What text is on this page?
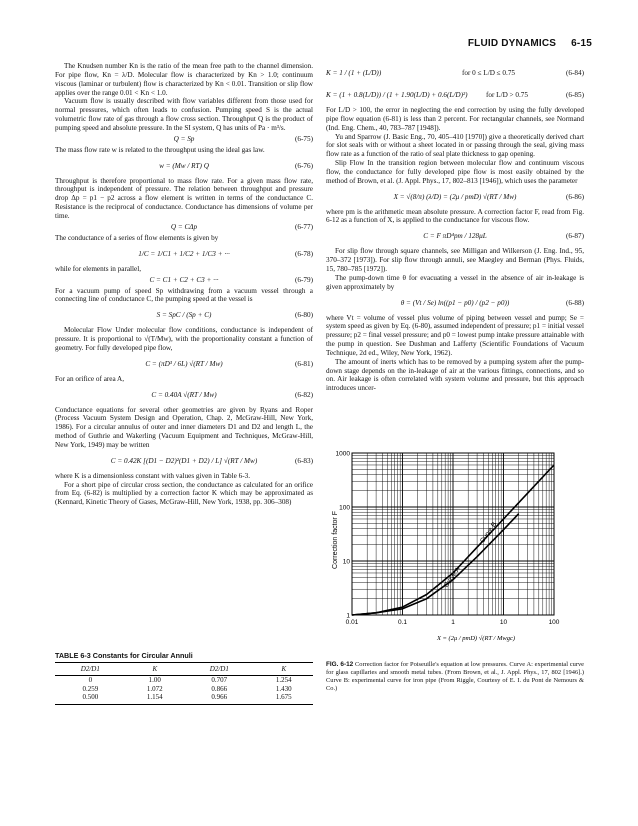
FLUID DYNAMICS 6-15

The Knudsen number Kn is the ratio of the mean free path to the channel dimension. For pipe flow, Kn = λ/D. Molecular flow is characterized by Kn > 1.0; continuum viscous (laminar or turbulent) flow is characterized by Kn < 0.01. Transition or slip flow applies over the range 0.01 < Kn < 1.0.

Vacuum flow is usually described with flow variables different from those used for normal pressures, which often leads to confusion. Pumping speed S is the actual volumetric flow rate of gas through a flow cross section. Throughput Q is the product of pumping speed and absolute pressure. In the SI system, Q has units of Pa · m³/s.

Q = Sp	(6-75)

The mass flow rate w is related to the throughput using the ideal gas law.

w = (Mw / RT) Q	(6-76)

Throughput is therefore proportional to mass flow rate. For a given mass flow rate, throughput is independent of pressure. The relation between throughput and pressure drop Δp = p1 − p2 across a flow element is written in terms of the conductance C. Resistance is the reciprocal of conductance. Conductance has dimensions of volume per time.

Q = CΔp	(6-77)

The conductance of a series of flow elements is given by

1/C = 1/C1 + 1/C2 + 1/C3 + ···	(6-78)

while for elements in parallel,

C = C1 + C2 + C3 + ···	(6-79)

For a vacuum pump of speed Sp withdrawing from a vacuum vessel through a connecting line of conductance C, the pumping speed at the vessel is

S = SpC / (Sp + C)	(6-80)

Molecular Flow Under molecular flow conditions, conductance is independent of pressure. It is proportional to √(T/Mw), with the proportionality constant a function of geometry. For fully developed pipe flow,

C = (πD³ / 6L) √(RT / Mw)	(6-81)

For an orifice of area A,

C = 0.40A √(RT / Mw)	(6-82)

Conductance equations for several other geometries are given by Ryans and Roper (Process Vacuum System Design and Operation, Chap. 2, McGraw-Hill, New York, 1986). For a circular annulus of outer and inner diameters D1 and D2 and length L, the method of Guthrie and Wakerling (Vacuum Equipment and Techniques, McGraw-Hill, New York, 1949) may be written

C = 0.42K [(D1 − D2)²(D1 + D2) / L] √(RT / Mw)	(6-83)

where K is a dimensionless constant with values given in Table 6-3.

For a short pipe of circular cross section, the conductance as calculated for an orifice from Eq. (6-82) is multiplied by a correction factor K which may be approximated as (Kennard, Kinetic Theory of Gases, McGraw-Hill, New York, 1938, pp. 306–308)

TABLE 6-3 Constants for Circular Annuli
D2/D1	K	D2/D1	K
0	1.00	0.707	1.254
0.259	1.072	0.866	1.430
0.500	1.154	0.966	1.675
K = 1 / (1 + (L/D))	for 0 ≤ L/D ≤ 0.75	(6-84)
K = (1 + 0.8(L/D)) / (1 + 1.90(L/D) + 0.6(L/D)²)	for L/D > 0.75	(6-85)

For L/D > 100, the error in neglecting the end correction by using the fully developed pipe flow equation (6-81) is less than 2 percent. For rectangular channels, see Normand (Ind. Eng. Chem., 40, 783–787 [1948]).

Yu and Sparrow (J. Basic Eng., 70, 405–410 [1970]) give a theoretically derived chart for slot seals with or without a sheet located in or passing through the seal, giving mass flow rate as a function of the ratio of seal plate thickness to gap opening.

Slip Flow In the transition region between molecular flow and continuum viscous flow, the conductance for fully developed pipe flow is most easily obtained by the method of Brown, et al. (J. Appl. Phys., 17, 802–813 [1946]), which uses the parameter

X = √(8/π) (λ/D) = (2μ / pmD) √(RT / Mw)	(6-86)

where pm is the arithmetic mean absolute pressure. A correction factor F, read from Fig. 6-12 as a function of X, is applied to the conductance for viscous flow.

C = F πD⁴pm / 128μL	(6-87)

For slip flow through square channels, see Milligan and Wilkerson (J. Eng. Ind., 95, 370–372 [1973]). For slip flow through annuli, see Maegley and Berman (Phys. Fluids, 15, 780–785 [1972]).

The pump-down time θ for evacuating a vessel in the absence of air in-leakage is given approximately by

θ = (Vt / Se) ln((p1 − p0) / (p2 − p0))	(6-88)

where Vt = volume of vessel plus volume of piping between vessel and pump; Se = system speed as given by Eq. (6-80), assumed independent of pressure; p1 = initial vessel pressure; p2 = final vessel pressure; and p0 = lowest pump intake pressure attainable with the pump in question. See Dushman and Lafferty (Scientific Foundations of Vacuum Technique, 2d ed., Wiley, New York, 1962).

The amount of inerts which has to be removed by a pumping system after the pump-down stage depends on the in-leakage of air at the various fittings, connections, and so on. Air leakage is often correlated with system volume and pressure, but this approach introduces uncer-

Curve A
Curve B
0.01	0.1	1	10	100
1000
100
10
1
Correction factor F
X = (2μ / pmD) √(RT / Mwgc)
FIG. 6-12 Correction factor for Poiseuille's equation at low pressures. Curve A: experimental curve for glass capillaries and smooth metal tubes. (From Brown, et al., J. Appl. Phys., 17, 802 [1946].) Curve B: experimental curve for iron pipe (From Riggle, Courtesy of E. I. du Pont de Nemours & Co.)
